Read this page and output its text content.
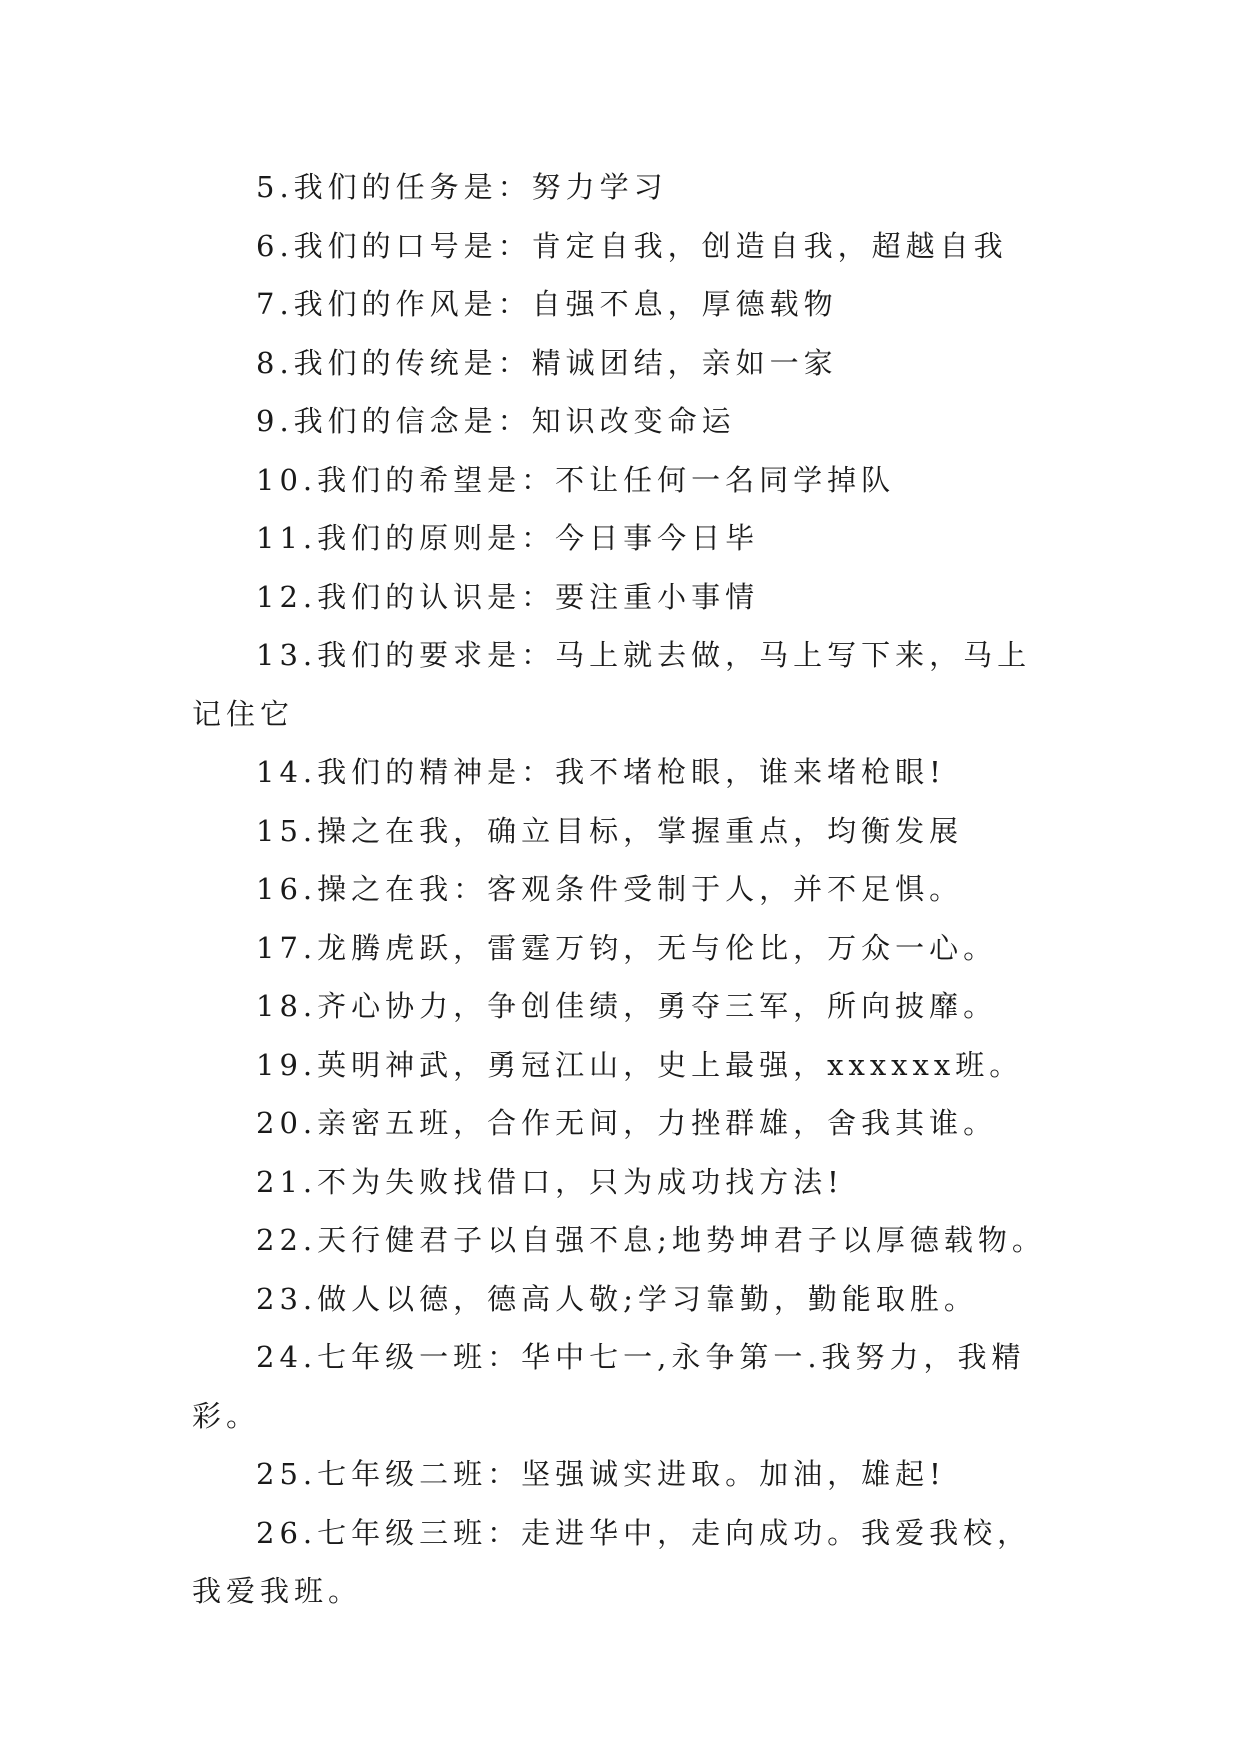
5.我们的任务是：努力学习

6.我们的口号是：肯定自我，创造自我，超越自我

7.我们的作风是：自强不息，厚德载物

8.我们的传统是：精诚团结，亲如一家

9.我们的信念是：知识改变命运

10.我们的希望是：不让任何一名同学掉队

11.我们的原则是：今日事今日毕

12.我们的认识是：要注重小事情

13.我们的要求是：马上就去做，马上写下来，马上记住它

14.我们的精神是：我不堵枪眼，谁来堵枪眼!

15.操之在我，确立目标，掌握重点，均衡发展

16.操之在我：客观条件受制于人，并不足惧。

17.龙腾虎跃，雷霆万钧，无与伦比，万众一心。

18.齐心协力，争创佳绩，勇夺三军，所向披靡。

19.英明神武，勇冠江山，史上最强，xxxxxx班。

20.亲密五班，合作无间，力挫群雄，舍我其谁。

21.不为失败找借口，只为成功找方法!

22.天行健君子以自强不息;地势坤君子以厚德载物。

23.做人以德，德高人敬;学习靠勤，勤能取胜。

24.七年级一班：华中七一,永争第一.我努力，我精彩。

25.七年级二班：坚强诚实进取。加油，雄起!

26.七年级三班：走进华中，走向成功。我爱我校，我爱我班。
